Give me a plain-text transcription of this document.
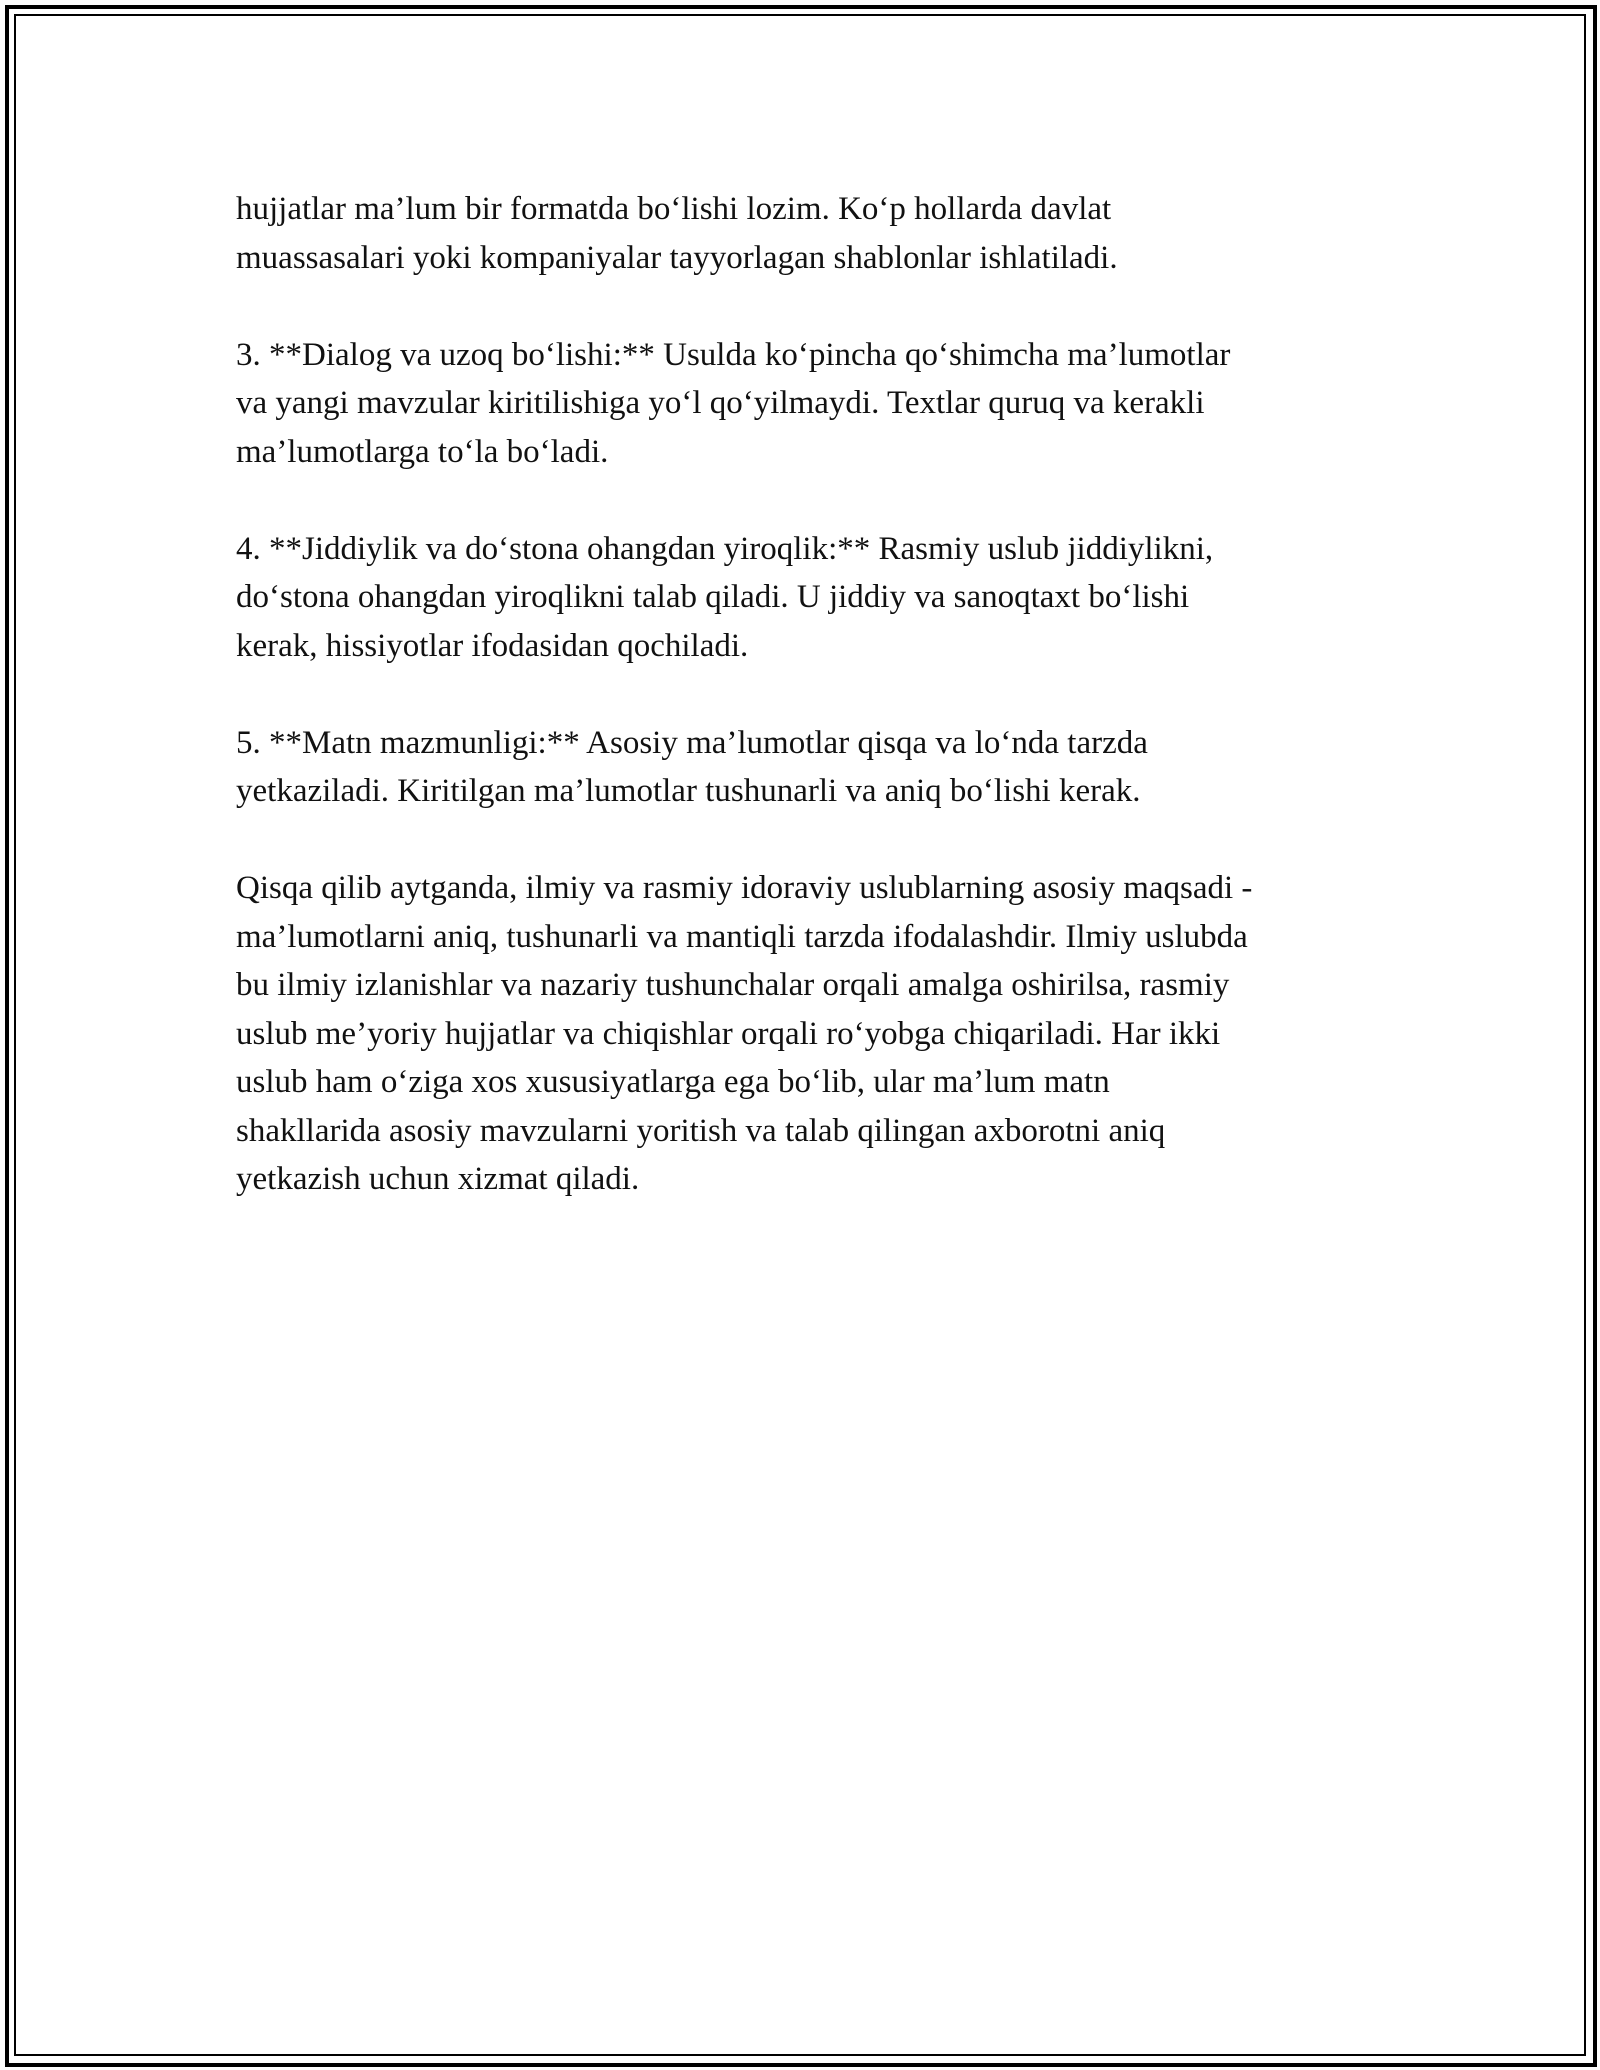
hujjatlar ma’lum bir formatda bo‘lishi lozim. Ko‘p hollarda davlat
muassasalari yoki kompaniyalar tayyorlagan shablonlar ishlatiladi.

3. **Dialog va uzoq bo‘lishi:** Usulda ko‘pincha qo‘shimcha ma’lumotlar
va yangi mavzular kiritilishiga yo‘l qo‘yilmaydi. Textlar quruq va kerakli
ma’lumotlarga to‘la bo‘ladi.

4. **Jiddiylik va do‘stona ohangdan yiroqlik:** Rasmiy uslub jiddiylikni,
do‘stona ohangdan yiroqlikni talab qiladi. U jiddiy va sanoqtaxt bo‘lishi
kerak, hissiyotlar ifodasidan qochiladi.

5. **Matn mazmunligi:** Asosiy ma’lumotlar qisqa va lo‘nda tarzda
yetkaziladi. Kiritilgan ma’lumotlar tushunarli va aniq bo‘lishi kerak.

Qisqa qilib aytganda, ilmiy va rasmiy idoraviy uslublarning asosiy maqsadi -
ma’lumotlarni aniq, tushunarli va mantiqli tarzda ifodalashdir. Ilmiy uslubda
bu ilmiy izlanishlar va nazariy tushunchalar orqali amalga oshirilsa, rasmiy
uslub me’yoriy hujjatlar va chiqishlar orqali ro‘yobga chiqariladi. Har ikki
uslub ham o‘ziga xos xususiyatlarga ega bo‘lib, ular ma’lum matn
shakllarida asosiy mavzularni yoritish va talab qilingan axborotni aniq
yetkazish uchun xizmat qiladi.
